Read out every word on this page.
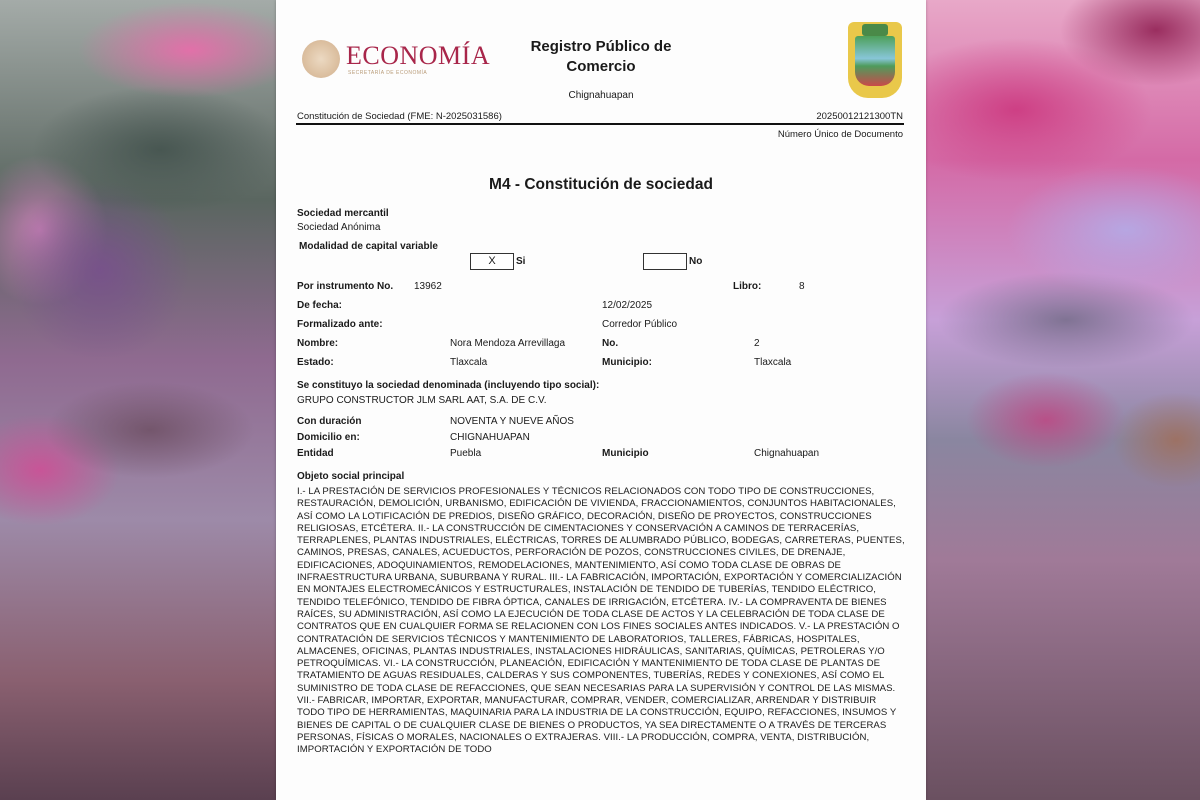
ECONOMÍA
SECRETARÍA DE ECONOMÍA
Registro Público de
Comercio
Chignahuapan
Constitución de Sociedad (FME: N-2025031586)	20250012121300TN
Número Único de Documento
M4 - Constitución de sociedad
Sociedad mercantil
Sociedad Anónima
Modalidad de capital variable
X	Si	No
Por instrumento No. 13962	Libro:	8
De fecha:	12/02/2025
Formalizado ante:	Corredor Público
Nombre:	Nora Mendoza Arrevillaga	No.	2
Estado:	Tlaxcala	Municipio:	Tlaxcala
Se constituyo la sociedad denominada (incluyendo tipo social):
GRUPO CONSTRUCTOR JLM SARL AAT, S.A. DE C.V.
Con duración	NOVENTA Y NUEVE AÑOS
Domicilio en:	CHIGNAHUAPAN
Entidad	Puebla	Municipio	Chignahuapan
Objeto social principal
I.- LA PRESTACIÓN DE SERVICIOS PROFESIONALES Y TÉCNICOS RELACIONADOS CON TODO TIPO DE CONSTRUCCIONES, RESTAURACIÓN, DEMOLICIÓN, URBANISMO, EDIFICACIÓN DE VIVIENDA, FRACCIONAMIENTOS, CONJUNTOS HABITACIONALES, ASÍ COMO LA LOTIFICACIÓN DE PREDIOS, DISEÑO GRÁFICO, DECORACIÓN, DISEÑO DE PROYECTOS, CONSTRUCCIONES RELIGIOSAS, ETCÉTERA. II.- LA CONSTRUCCIÓN DE CIMENTACIONES Y CONSERVACIÓN A CAMINOS DE TERRACERÍAS, TERRAPLENES, PLANTAS INDUSTRIALES, ELÉCTRICAS, TORRES DE ALUMBRADO PÚBLICO, BODEGAS, CARRETERAS, PUENTES, CAMINOS, PRESAS, CANALES, ACUEDUCTOS, PERFORACIÓN DE POZOS, CONSTRUCCIONES CIVILES, DE DRENAJE, EDIFICACIONES, ADOQUINAMIENTOS, REMODELACIONES, MANTENIMIENTO, ASÍ COMO TODA CLASE DE OBRAS DE INFRAESTRUCTURA URBANA, SUBURBANA Y RURAL. III.- LA FABRICACIÓN, IMPORTACIÓN, EXPORTACIÓN Y COMERCIALIZACIÓN EN MONTAJES ELECTROMECÁNICOS Y ESTRUCTURALES, INSTALACIÓN DE TENDIDO DE TUBERÍAS, TENDIDO ELÉCTRICO, TENDIDO TELEFÓNICO, TENDIDO DE FIBRA ÓPTICA, CANALES DE IRRIGACIÓN, ETCÉTERA. IV.- LA COMPRAVENTA DE BIENES RAÍCES, SU ADMINISTRACIÓN, ASÍ COMO LA EJECUCIÓN DE TODA CLASE DE ACTOS Y LA CELEBRACIÓN DE TODA CLASE DE CONTRATOS QUE EN CUALQUIER FORMA SE RELACIONEN CON LOS FINES SOCIALES ANTES INDICADOS. V.- LA PRESTACIÓN O CONTRATACIÓN DE SERVICIOS TÉCNICOS Y MANTENIMIENTO DE LABORATORIOS, TALLERES, FÁBRICAS, HOSPITALES, ALMACENES, OFICINAS, PLANTAS INDUSTRIALES, INSTALACIONES HIDRÁULICAS, SANITARIAS, QUÍMICAS, PETROLERAS Y/O PETROQUÍMICAS. VI.- LA CONSTRUCCIÓN, PLANEACIÓN, EDIFICACIÓN Y MANTENIMIENTO DE TODA CLASE DE PLANTAS DE TRATAMIENTO DE AGUAS RESIDUALES, CALDERAS Y SUS COMPONENTES, TUBERÍAS, REDES Y CONEXIONES, ASÍ COMO EL SUMINISTRO DE TODA CLASE DE REFACCIONES, QUE SEAN NECESARIAS PARA LA SUPERVISIÓN Y CONTROL DE LAS MISMAS. VII.- FABRICAR, IMPORTAR, EXPORTAR, MANUFACTURAR, COMPRAR, VENDER, COMERCIALIZAR, ARRENDAR Y DISTRIBUIR TODO TIPO DE HERRAMIENTAS, MAQUINARIA PARA LA INDUSTRIA DE LA CONSTRUCCIÓN, EQUIPO, REFACCIONES, INSUMOS Y BIENES DE CAPITAL O DE CUALQUIER CLASE DE BIENES O PRODUCTOS, YA SEA DIRECTAMENTE O A TRAVÉS DE TERCERAS PERSONAS, FÍSICAS O MORALES, NACIONALES O EXTRAJERAS. VIII.- LA PRODUCCIÓN, COMPRA, VENTA, DISTRIBUCIÓN, IMPORTACIÓN Y EXPORTACIÓN DE TODO
